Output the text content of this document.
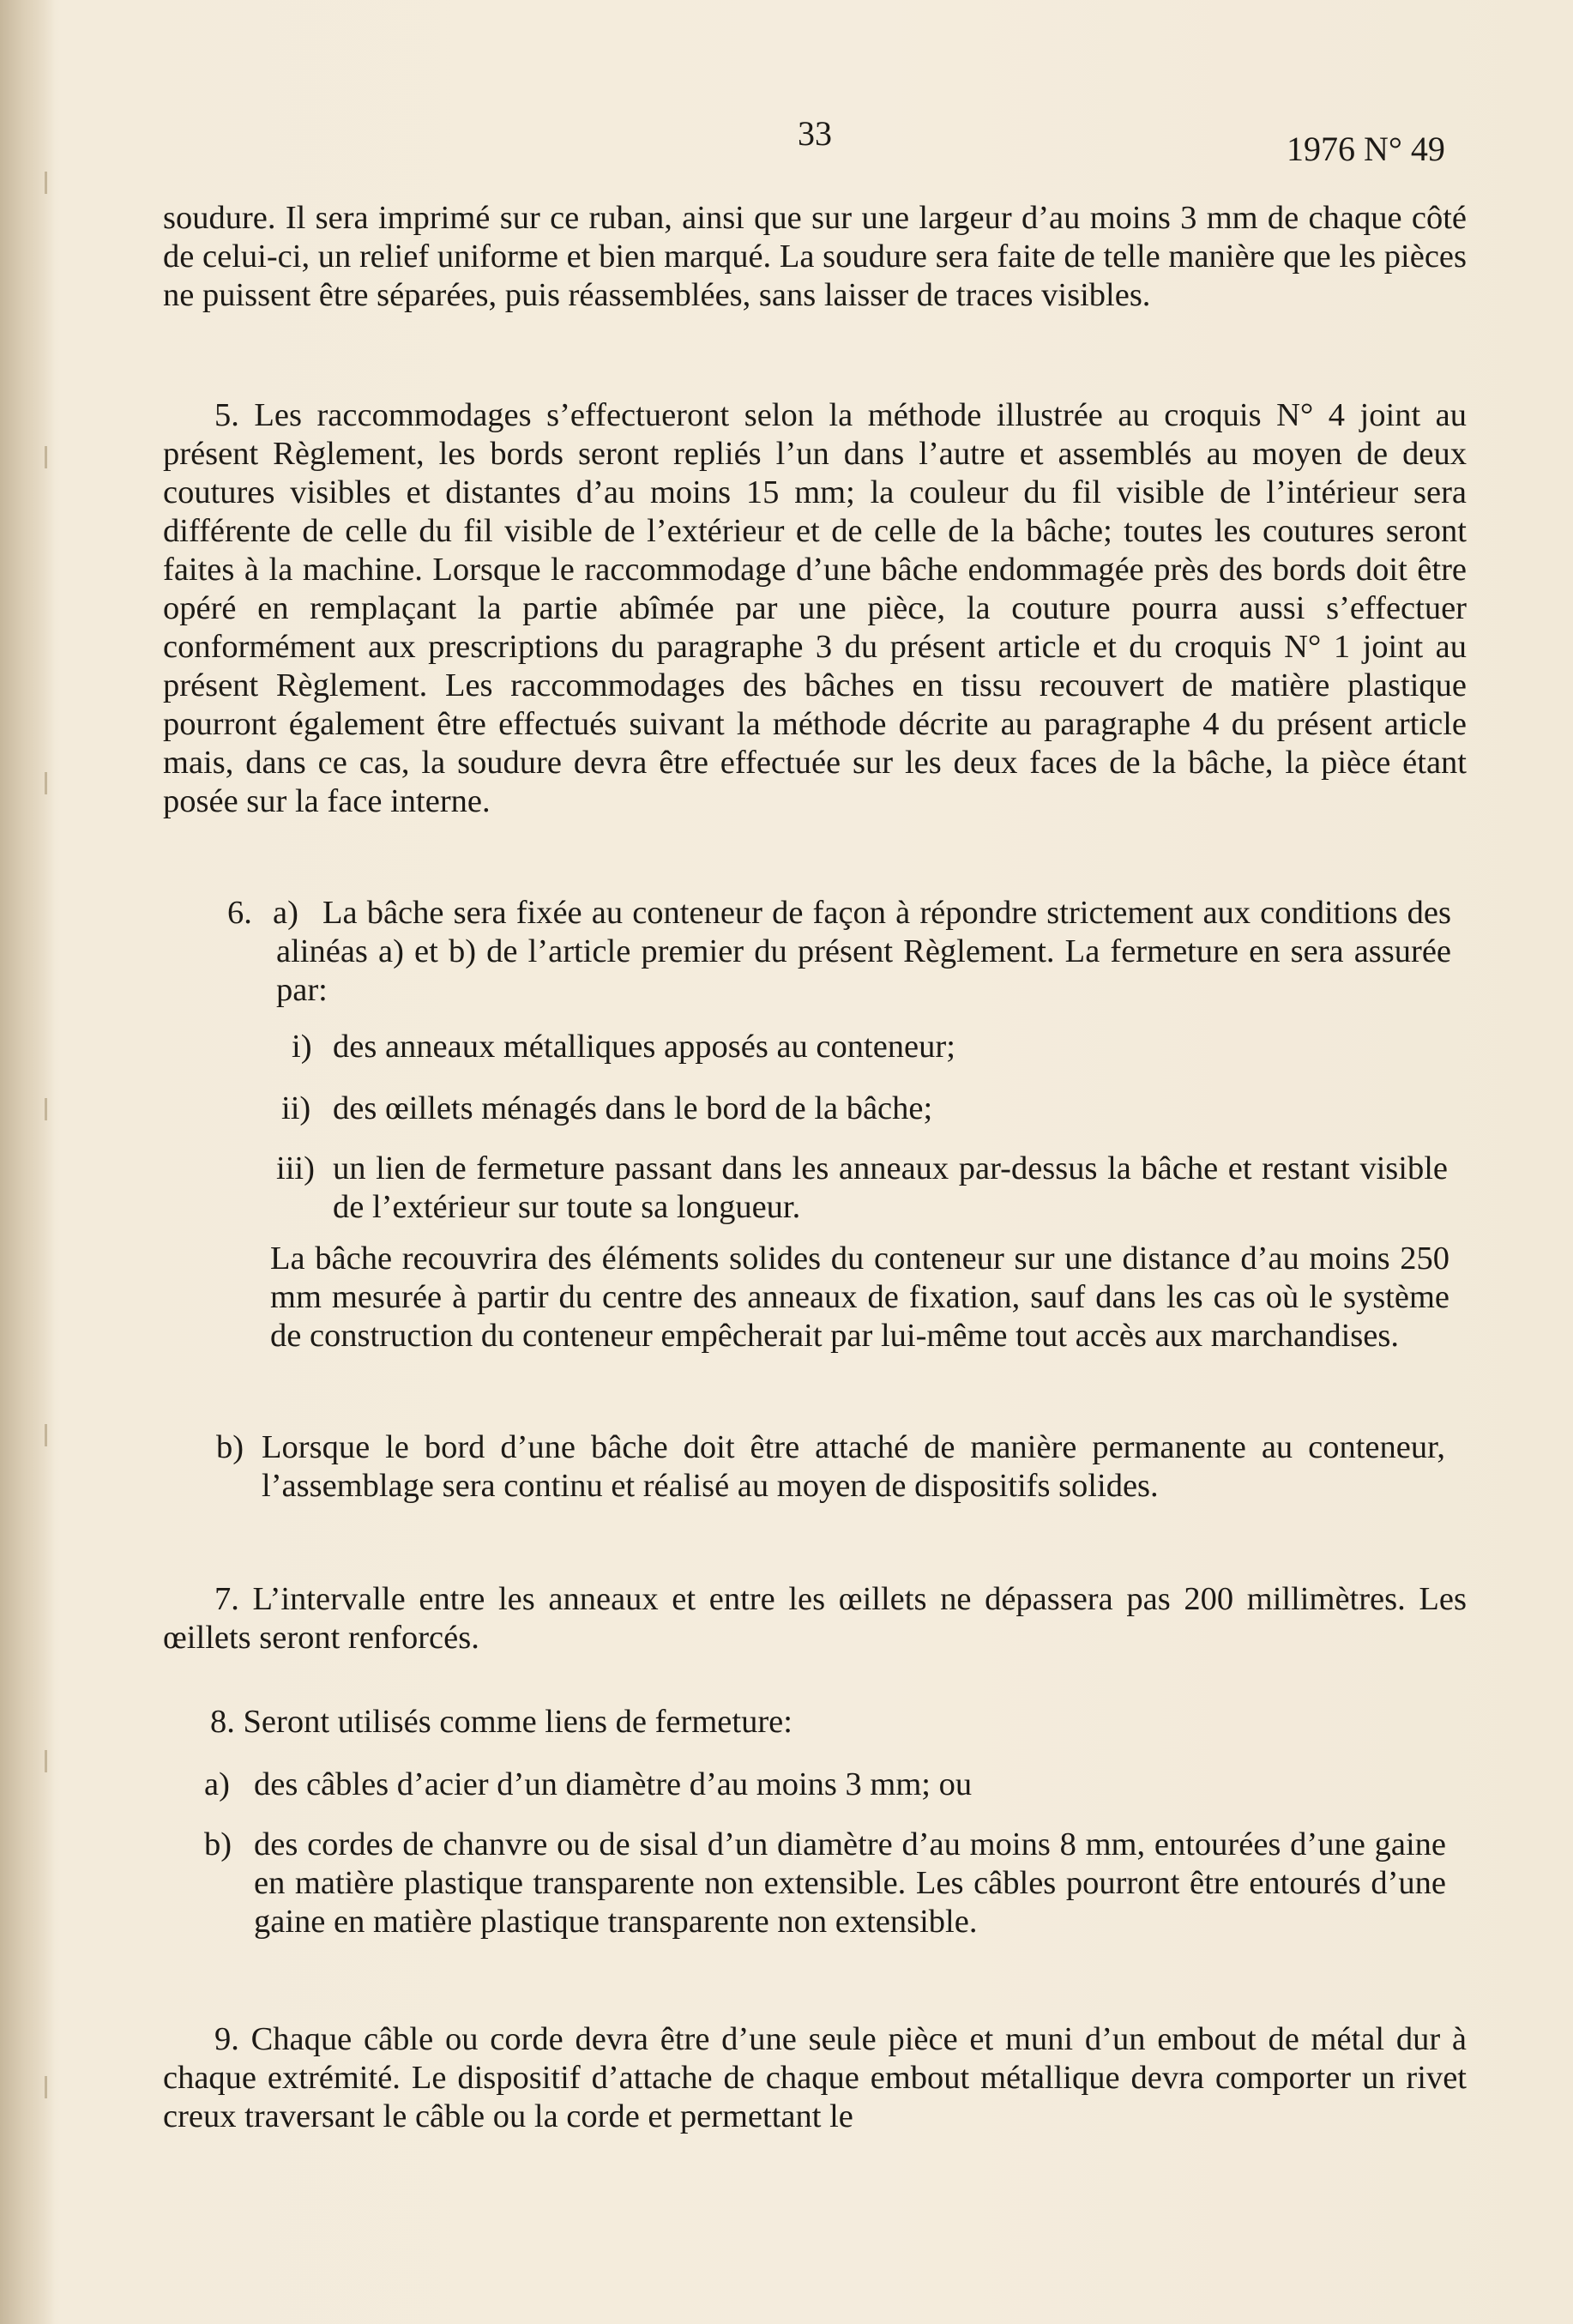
33	1976 N° 49

soudure. Il sera imprimé sur ce ruban, ainsi que sur une largeur d’au moins 3 mm de chaque côté de celui-ci, un relief uniforme et bien marqué. La soudure sera faite de telle manière que les pièces ne puissent être séparées, puis réassemblées, sans laisser de traces visibles.

5. Les raccommodages s’effectueront selon la méthode illustrée au croquis N° 4 joint au présent Règlement, les bords seront repliés l’un dans l’autre et assemblés au moyen de deux coutures visibles et distantes d’au moins 15 mm; la couleur du fil visible de l’intérieur sera différente de celle du fil visible de l’extérieur et de celle de la bâche; toutes les coutures seront faites à la machine. Lorsque le raccommodage d’une bâche endommagée près des bords doit être opéré en remplaçant la partie abîmée par une pièce, la couture pourra aussi s’effectuer conformément aux prescriptions du paragraphe 3 du présent article et du croquis N° 1 joint au présent Règlement. Les raccommodages des bâches en tissu recouvert de matière plastique pourront également être effectués suivant la méthode décrite au paragraphe 4 du présent article mais, dans ce cas, la soudure devra être effectuée sur les deux faces de la bâche, la pièce étant posée sur la face interne.

6. a) La bâche sera fixée au conteneur de façon à répondre strictement aux conditions des alinéas a) et b) de l’article premier du présent Règlement. La fermeture en sera assurée par:
i) des anneaux métalliques apposés au conteneur;
ii) des œillets ménagés dans le bord de la bâche;
iii) un lien de fermeture passant dans les anneaux par-dessus la bâche et restant visible de l’extérieur sur toute sa longueur.
La bâche recouvrira des éléments solides du conteneur sur une distance d’au moins 250 mm mesurée à partir du centre des anneaux de fixation, sauf dans les cas où le système de construction du conteneur empêcherait par lui-même tout accès aux marchandises.
b) Lorsque le bord d’une bâche doit être attaché de manière permanente au conteneur, l’assemblage sera continu et réalisé au moyen de dispositifs solides.

7. L’intervalle entre les anneaux et entre les œillets ne dépassera pas 200 millimètres. Les œillets seront renforcés.

8. Seront utilisés comme liens de fermeture:
a) des câbles d’acier d’un diamètre d’au moins 3 mm; ou
b) des cordes de chanvre ou de sisal d’un diamètre d’au moins 8 mm, entourées d’une gaine en matière plastique transparente non extensible. Les câbles pourront être entourés d’une gaine en matière plastique transparente non extensible.

9. Chaque câble ou corde devra être d’une seule pièce et muni d’un embout de métal dur à chaque extrémité. Le dispositif d’attache de chaque embout métallique devra comporter un rivet creux traversant le câble ou la corde et permettant le
